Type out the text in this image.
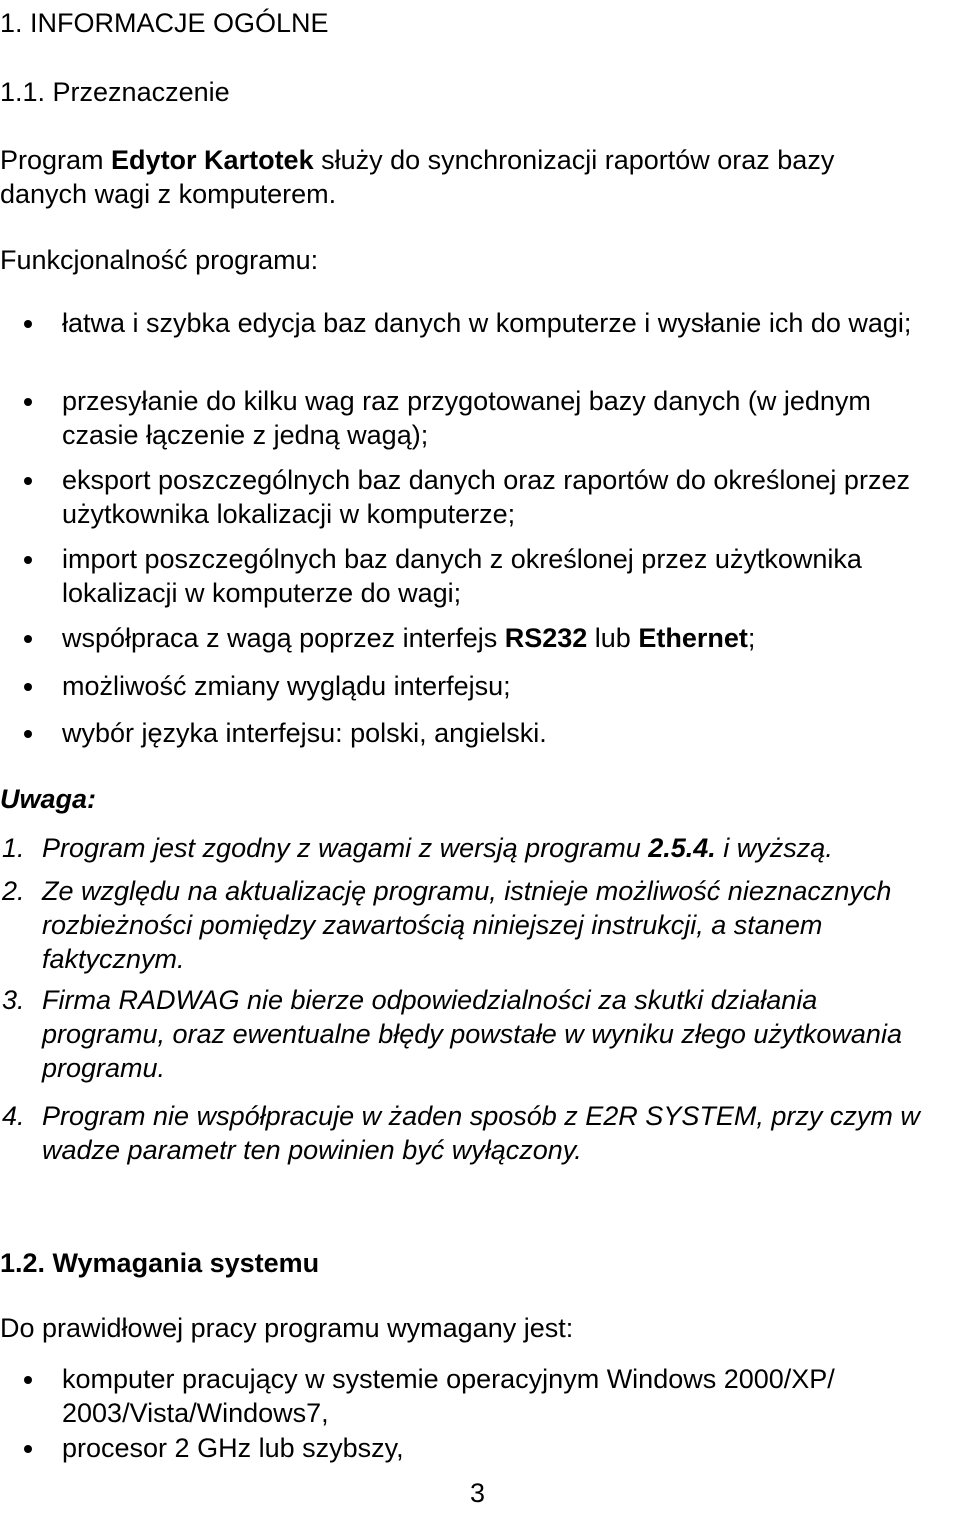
1. INFORMACJE OGÓLNE
1.1. Przeznaczenie
Program Edytor Kartotek służy do synchronizacji raportów oraz bazy danych wagi z komputerem.
Funkcjonalność programu:
łatwa i szybka edycja baz danych w komputerze i wysłanie ich do wagi;
przesyłanie do kilku wag raz przygotowanej bazy danych (w jednym czasie łączenie z jedną wagą);
eksport poszczególnych baz danych oraz raportów do określonej przez użytkownika lokalizacji w komputerze;
import poszczególnych baz danych z określonej przez użytkownika lokalizacji w komputerze do wagi;
współpraca z wagą poprzez interfejs RS232 lub Ethernet;
możliwość zmiany wyglądu interfejsu;
wybór języka interfejsu: polski, angielski.
Uwaga:
1. Program jest zgodny z wagami z wersją programu 2.5.4. i wyższą.
2. Ze względu na aktualizację programu, istnieje możliwość nieznacznych rozbieżności pomiędzy zawartością niniejszej instrukcji, a stanem faktycznym.
3. Firma RADWAG nie bierze odpowiedzialności za skutki działania programu, oraz ewentualne błędy powstałe w wyniku złego użytkowania programu.
4. Program nie współpracuje w żaden sposób z E2R SYSTEM, przy czym w wadze parametr ten powinien być wyłączony.
1.2. Wymagania systemu
Do prawidłowej pracy programu wymagany jest:
komputer pracujący w systemie operacyjnym Windows 2000/XP/ 2003/Vista/Windows7,
procesor 2 GHz lub szybszy,
3
